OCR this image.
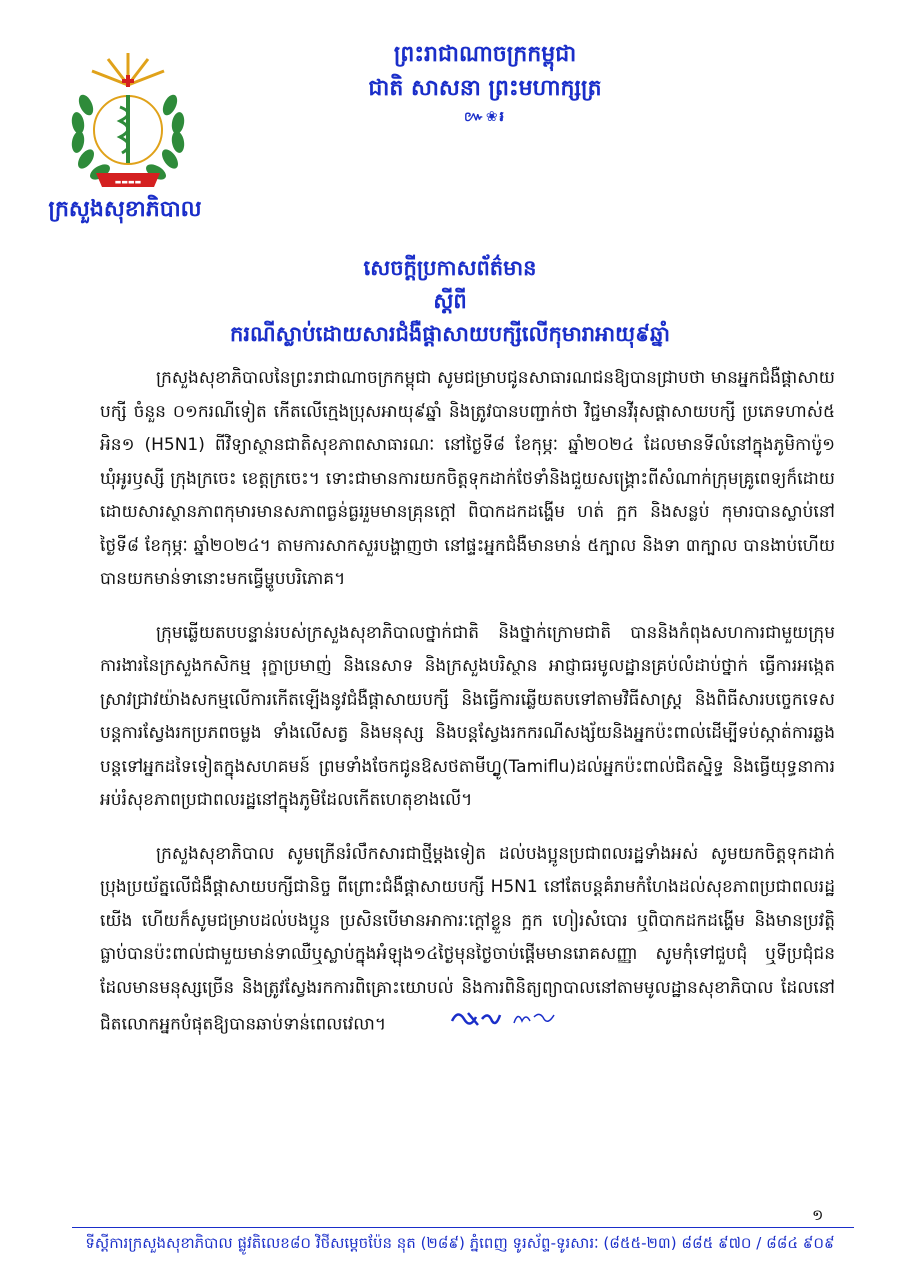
▬▬▬▬
ក្រសួងសុខាភិបាល
ព្រះរាជាណាចក្រកម្ពុជា
ជាតិ សាសនា ព្រះមហាក្សត្រ
៚❀៛
សេចក្តីប្រកាសព័ត៌មាន
ស្តីពី
ករណីស្លាប់ដោយសារជំងឺផ្តាសាយបក្សីលើកុមារាអាយុ៩ឆ្នាំ

ក្រសួងសុខាភិបាលនៃព្រះរាជាណាចក្រកម្ពុជា សូមជម្រាបជូនសាធារណជនឱ្យបានជ្រាបថា មានអ្នកជំងឺផ្តាសាយបក្សី ចំនួន ០១ករណីទៀត កើតលើក្មេងប្រុសអាយុ៩ឆ្នាំ និងត្រូវបានបញ្ជាក់ថា វិជ្ជមានវីរុសផ្តាសាយបក្សី ប្រភេទហាស់៥ អិន១ (H5N1) ពីវិទ្យាស្ថានជាតិសុខភាពសាធារណៈ នៅថ្ងៃទី៨ ខែកុម្ភៈ ឆ្នាំ២០២៤ ដែលមានទីលំនៅក្នុងភូមិកាប៉ូ១ ឃុំអូរឫស្សី ក្រុងក្រចេះ ខេត្តក្រចេះ។ ទោះជាមានការយកចិត្តទុកដាក់ថែទាំនិងជួយសង្គ្រោះពីសំណាក់ក្រុមគ្រូពេទ្យក៏ដោយ ដោយសារស្ថានភាពកុមារមានសភាពធ្ងន់ធ្ងររួមមានគ្រុនក្តៅ ពិបាកដកដង្ហើម ហត់ ក្អក និងសន្លប់ កុមារបានស្លាប់នៅថ្ងៃទី៨ ខែកុម្ភៈ ឆ្នាំ២០២៤។ តាមការសាកសួរបង្ហាញថា នៅផ្ទះអ្នកជំងឺមានមាន់ ៥ក្បាល និងទា ៣ក្បាល បានងាប់ហើយបានយកមាន់ទានោះមកធ្វើម្ហូបបរិភោគ។

ក្រុមឆ្លើយតបបន្ទាន់របស់ក្រសួងសុខាភិបាលថ្នាក់ជាតិ និងថ្នាក់ក្រោមជាតិ បាននិងកំពុងសហការជាមួយក្រុមការងារនៃក្រសួងកសិកម្ម រុក្ខាប្រមាញ់ និងនេសាទ និងក្រសួងបរិស្ថាន អាជ្ញាធរមូលដ្ឋានគ្រប់លំដាប់ថ្នាក់ ធ្វើការអង្កេតស្រាវជ្រាវយ៉ាងសកម្មលើការកើតឡើងនូវជំងឺផ្តាសាយបក្សី និងធ្វើការឆ្លើយតបទៅតាមវិធីសាស្ត្រ និងពិធីសារបច្ចេកទេស បន្តការស្វែងរកប្រភពចម្លង ទាំងលើសត្វ និងមនុស្ស និងបន្តស្វែងរកករណីសង្ស័យនិងអ្នកប៉ះពាល់ដើម្បីទប់ស្កាត់ការឆ្លងបន្តទៅអ្នកដទៃទៀតក្នុងសហគមន៍ ព្រមទាំងចែកជូនឱសថតាមីហ្វ្លូ(Tamiflu)ដល់អ្នកប៉ះពាល់ជិតស្និទ្ធ និងធ្វើយុទ្ធនាការអប់រំសុខភាពប្រជាពលរដ្ឋនៅក្នុងភូមិដែលកើតហេតុខាងលើ។

ក្រសួងសុខាភិបាល សូមក្រើនរំលឹកសារជាថ្មីម្តងទៀត ដល់បងប្អូនប្រជាពលរដ្ឋទាំងអស់ សូមយកចិត្តទុកដាក់ប្រុងប្រយ័ត្នលើជំងឺផ្តាសាយបក្សីជានិច្ច ពីព្រោះជំងឺផ្តាសាយបក្សី H5N1 នៅតែបន្តគំរាមកំហែងដល់សុខភាពប្រជាពលរដ្ឋយើង ហើយក៏សូមជម្រាបដល់បងប្អូន ប្រសិនបើមានអាការៈក្តៅខ្លួន ក្អក ហៀរសំបោរ ឬពិបាកដកដង្ហើម និងមានប្រវត្តិធ្លាប់បានប៉ះពាល់ជាមួយមាន់ទាឈឺឬស្លាប់ក្នុងអំឡុង១៤ថ្ងៃមុនថ្ងៃចាប់ផ្តើមមានរោគសញ្ញា សូមកុំទៅជួបជុំ ឬទីប្រជុំជនដែលមានមនុស្សច្រើន និងត្រូវស្វែងរកការពិគ្រោះយោបល់ និងការពិនិត្យព្យាបាលនៅតាមមូលដ្ឋានសុខាភិបាល ដែលនៅជិតលោកអ្នកបំផុតឱ្យបានឆាប់ទាន់ពេលវេលា។

១
ទីស្តីការក្រសួងសុខាភិបាល ផ្លូវតិលេខ៨០ វិថីសម្តេចប៉ែន នុត (២៨៩) ភ្នំពេញ ទូរស័ព្ទ-ទូរសារៈ (៨៥៥-២៣) ៨៨៥ ៩៧០ / ៨៨៤ ៩០៩
